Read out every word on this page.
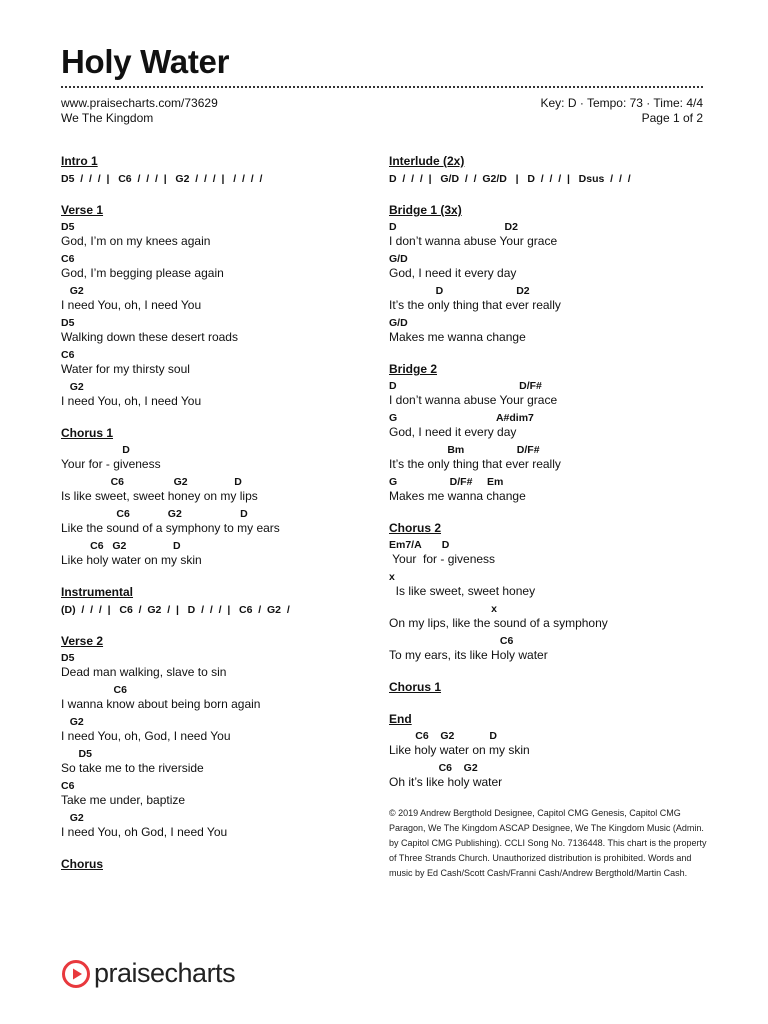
Holy Water
www.praisecharts.com/73629
We The Kingdom
Key: D · Tempo: 73 · Time: 4/4
Page 1 of 2
Intro 1
D5  /  /  /  |   C6  /  /  /  |   G2  /  /  /  |   /  /  /  /
Verse 1
D5
God, I’m on my knees again
C6
God, I’m begging please again
G2
I need You, oh, I need You
D5
Walking down these desert roads
C6
Water for my thirsty soul
G2
I need You, oh, I need You
Chorus 1
D
Your for - giveness
C6                 G2                D
Is like sweet, sweet honey on my lips
C6             G2                    D
Like the sound of a symphony to my ears
C6   G2                D
Like holy water on my skin
Instrumental
(D)  /  /  /  |   C6  /  G2  /  |   D  /  /  /  |   C6  /  G2  /
Verse 2
D5
Dead man walking, slave to sin
C6
I wanna know about being born again
G2
I need You, oh, God, I need You
D5
So take me to the riverside
C6
Take me under, baptize
G2
I need You, oh God, I need You
Chorus
Interlude (2x)
D  /  /  /  |   G/D  /  /  G2/D   |   D  /  /  /  |   Dsus  /  /  /
Bridge 1 (3x)
D                                     D2
I don’t wanna abuse Your grace
G/D
God, I need it every day
D                         D2
It’s the only thing that ever really
G/D
Makes me wanna change
Bridge 2
D                                          D/F#
I don’t wanna abuse Your grace
G                                  A#dim7
God, I need it every day
Bm                  D/F#
It’s the only thing that ever really
G                  D/F#     Em
Makes me wanna change
Chorus 2
Em7/A       D
Your  for - giveness
x
Is like sweet, sweet honey
x
On my lips, like the sound of a symphony
C6
To my ears, its like Holy water
Chorus 1
End
C6    G2            D
Like holy water on my skin
C6    G2
Oh it’s like holy water
© 2019 Andrew Bergthold Designee, Capitol CMG Genesis, Capitol CMG Paragon, We The Kingdom ASCAP Designee, We The Kingdom Music (Admin. by Capitol CMG Publishing). CCLI Song No. 7136448. This chart is the property of Three Strands Church. Unauthorized distribution is prohibited. Words and music by Ed Cash/Scott Cash/Franni Cash/Andrew Bergthold/Martin Cash.
praisecharts
